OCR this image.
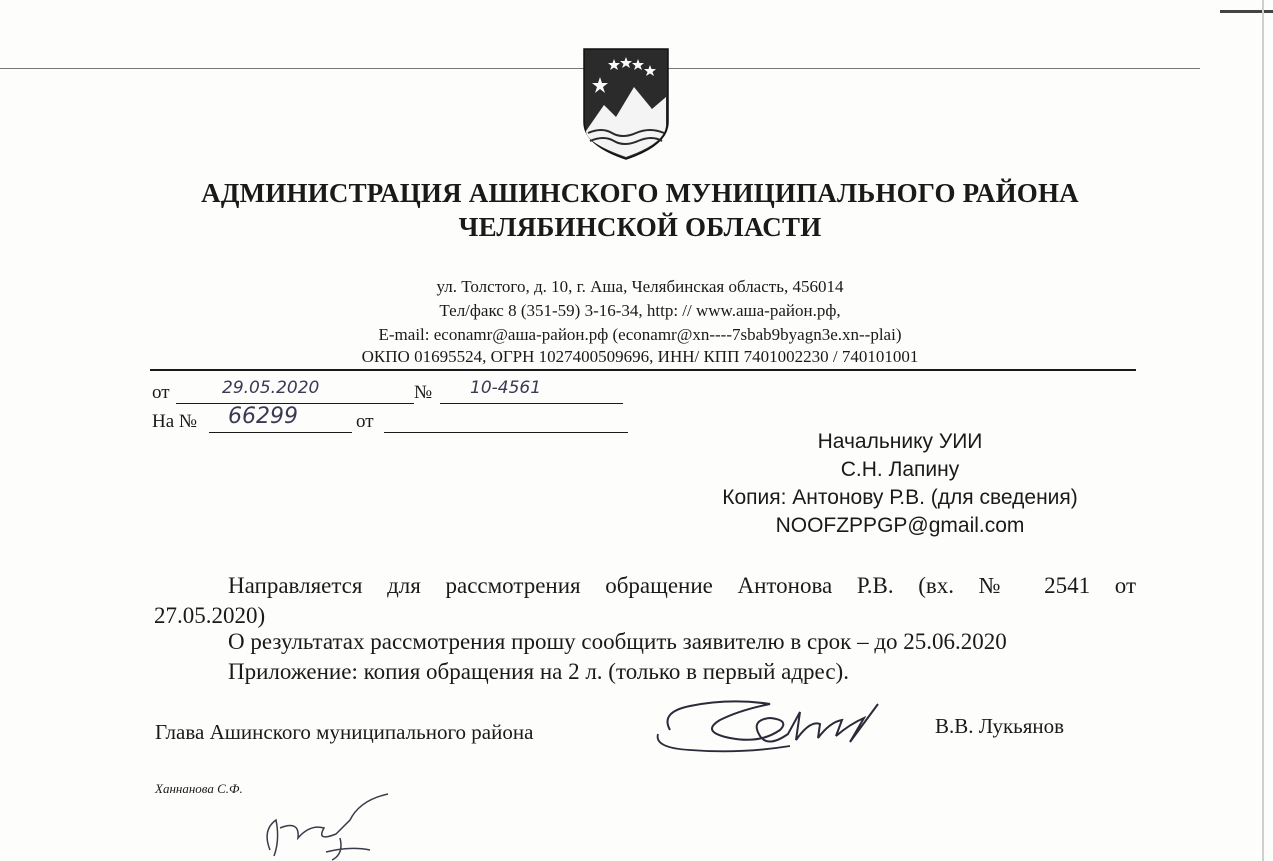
АДМИНИСТРАЦИЯ АШИНСКОГО МУНИЦИПАЛЬНОГО РАЙОНА
ЧЕЛЯБИНСКОЙ ОБЛАСТИ
ул. Толстого, д. 10, г. Аша, Челябинская область, 456014
Тел/факс 8 (351-59) 3-16-34, http: // www.аша-район.рф,
E-mail: econamr@аша-район.рф (econamr@xn----7sbab9byagn3e.xn--plai)
ОКПО 01695524, ОГРН 1027400509696, ИНН/ КПП 7401002230 / 740101001
от	29.05.2020	№ 10-4561
На № 66299	от
Начальнику УИИ
С.Н. Лапину
Копия: Антонову Р.В. (для сведения)
NOOFZPPGP@gmail.com
Направляется для рассмотрения обращение Антонова Р.В. (вх. № 2541 от
27.05.2020)
О результатах рассмотрения прошу сообщить заявителю в срок – до 25.06.2020
Приложение: копия обращения на 2 л. (только в первый адрес).
Глава Ашинского муниципального района	В.В. Лукьянов
Ханнанова С.Ф.
